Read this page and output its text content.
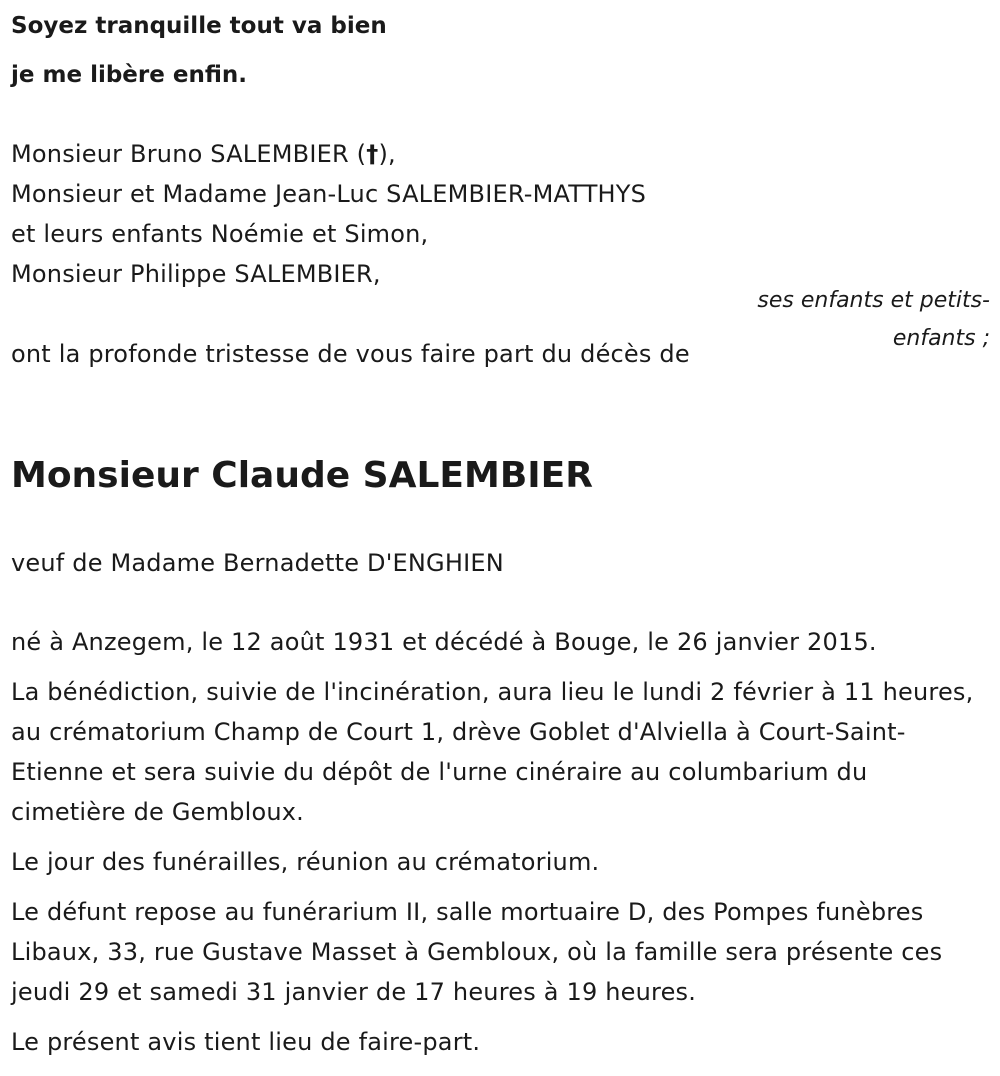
Soyez tranquille tout va bien
je me libère enfin.
Monsieur Bruno SALEMBIER (†),
Monsieur et Madame Jean-Luc SALEMBIER-MATTHYS
et leurs enfants Noémie et Simon,
Monsieur Philippe SALEMBIER,
ses enfants et petits-enfants ;
ont la profonde tristesse de vous faire part du décès de
Monsieur Claude SALEMBIER
veuf de Madame Bernadette D'ENGHIEN

né à Anzegem, le 12 août 1931 et décédé à Bouge, le 26 janvier 2015.

La bénédiction, suivie de l'incinération, aura lieu le lundi 2 février à 11 heures, au crématorium Champ de Court 1, drève Goblet d'Alviella à Court-Saint-Etienne et sera suivie du dépôt de l'urne cinéraire au columbarium du cimetière de Gembloux.

Le jour des funérailles, réunion au crématorium.

Le défunt repose au funérarium II, salle mortuaire D, des Pompes funèbres Libaux, 33, rue Gustave Masset à Gembloux, où la famille sera présente ces jeudi 29 et samedi 31 janvier de 17 heures à 19 heures.

Le présent avis tient lieu de faire-part.
